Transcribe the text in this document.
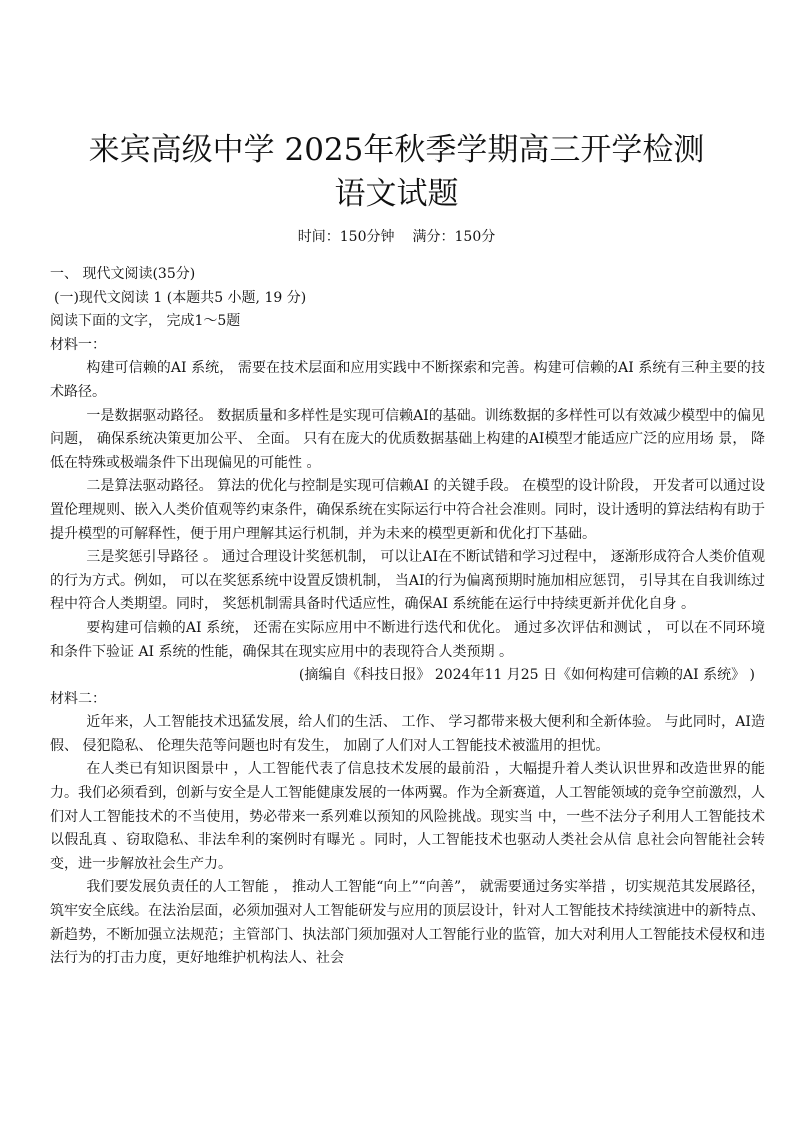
来宾高级中学 2025年秋季学期高三开学检测
语文试题
时间：150分钟 满分：150分

一、 现代文阅读(35分)

(一)现代文阅读 1 (本题共5 小题, 19 分)

阅读下面的文字， 完成1～5题

材料一：

构建可信赖的AI 系统， 需要在技术层面和应用实践中不断探索和完善。构建可信赖的AI 系统有三种主要的技术路径。

一是数据驱动路径。 数据质量和多样性是实现可信赖AI的基础。训练数据的多样性可以有效减少模型中的偏见问题， 确保系统决策更加公平、 全面。 只有在庞大的优质数据基础上构建的AI模型才能适应广泛的应用场 景， 降低在特殊或极端条件下出现偏见的可能性 。

二是算法驱动路径。 算法的优化与控制是实现可信赖AI 的关键手段。 在模型的设计阶段， 开发者可以通过设置伦理规则、嵌入人类价值观等约束条件，确保系统在实际运行中符合社会准则。同时，设计透明的算法结构有助于提升模型的可解释性，便于用户理解其运行机制，并为未来的模型更新和优化打下基础。

三是奖惩引导路径 。 通过合理设计奖惩机制， 可以让AI在不断试错和学习过程中， 逐渐形成符合人类价值观的行为方式。例如， 可以在奖惩系统中设置反馈机制， 当AI的行为偏离预期时施加相应惩罚， 引导其在自我训练过程中符合人类期望。同时， 奖惩机制需具备时代适应性，确保AI 系统能在运行中持续更新并优化自身 。

要构建可信赖的AI 系统， 还需在实际应用中不断进行迭代和优化。 通过多次评估和测试 ， 可以在不同环境和条件下验证 AI 系统的性能，确保其在现实应用中的表现符合人类预期 。

(摘编自《科技日报》 2024年11 月25 日《如何构建可信赖的AI 系统》 )

材料二：

近年来，人工智能技术迅猛发展，给人们的生活、 工作、 学习都带来极大便利和全新体验。 与此同时，AI造假、 侵犯隐私、 伦理失范等问题也时有发生， 加剧了人们对人工智能技术被滥用的担忧。

在人类已有知识图景中 ，人工智能代表了信息技术发展的最前沿 ，大幅提升着人类认识世界和改造世界的能力。我们必须看到，创新与安全是人工智能健康发展的一体两翼。作为全新赛道，人工智能领域的竞争空前激烈，人们对人工智能技术的不当使用，势必带来一系列难以预知的风险挑战。现实当 中，一些不法分子利用人工智能技术以假乱真 、窃取隐私、非法牟利的案例时有曝光 。同时，人工智能技术也驱动人类社会从信 息社会向智能社会转变，进一步解放社会生产力。

我们要发展负责任的人工智能 ， 推动人工智能“向上”“向善”， 就需要通过务实举措 ，切实规范其发展路径，筑牢安全底线。在法治层面，必须加强对人工智能研发与应用的顶层设计，针对人工智能技术持续演进中的新特点、新趋势，不断加强立法规范；主管部门、执法部门须加强对人工智能行业的监管，加大对利用人工智能技术侵权和违法行为的打击力度，更好地维护机构法人、社会
